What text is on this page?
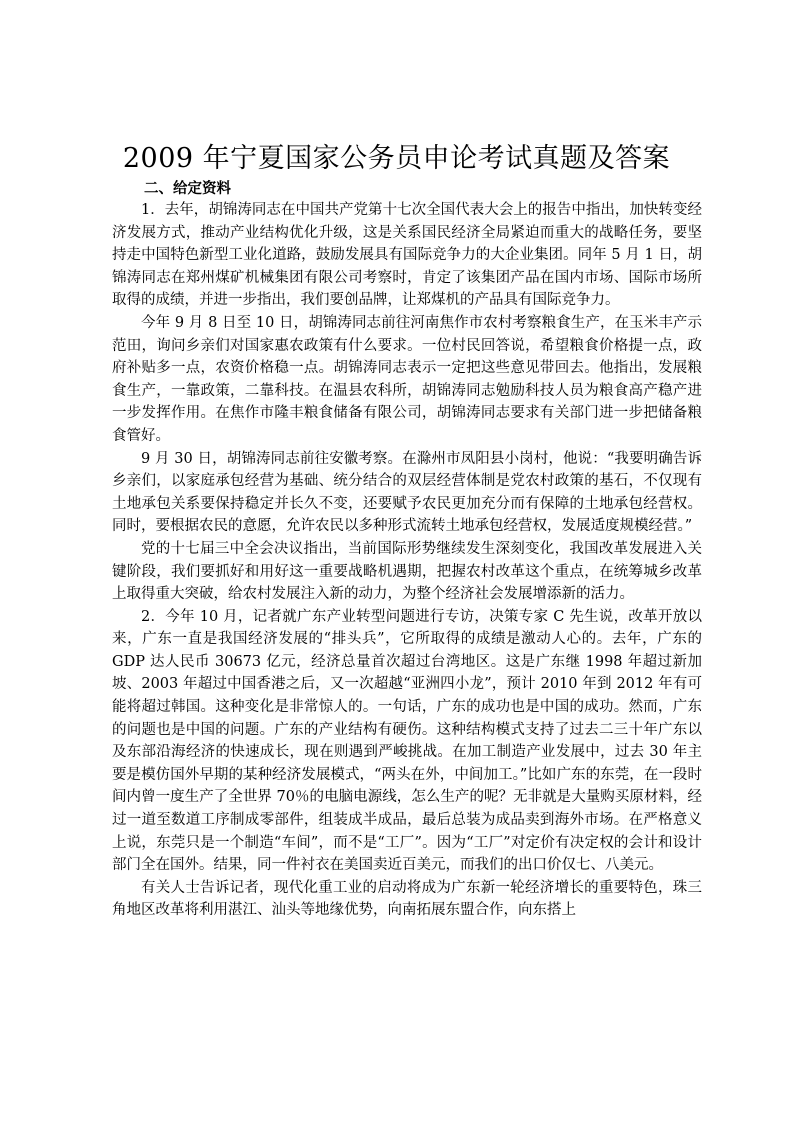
2009 年宁夏国家公务员申论考试真题及答案
二、给定资料

1．去年，胡锦涛同志在中国共产党第十七次全国代表大会上的报告中指出，加快转变经济发展方式，推动产业结构优化升级，这是关系国民经济全局紧迫而重大的战略任务，要坚持走中国特色新型工业化道路，鼓励发展具有国际竞争力的大企业集团。同年 5 月 1 日，胡锦涛同志在郑州煤矿机械集团有限公司考察时，肯定了该集团产品在国内市场、国际市场所取得的成绩，并进一步指出，我们要创品牌，让郑煤机的产品具有国际竞争力。

今年 9 月 8 日至 10 日，胡锦涛同志前往河南焦作市农村考察粮食生产，在玉米丰产示范田，询问乡亲们对国家惠农政策有什么要求。一位村民回答说，希望粮食价格提一点，政府补贴多一点，农资价格稳一点。胡锦涛同志表示一定把这些意见带回去。他指出，发展粮食生产，一靠政策，二靠科技。在温县农科所，胡锦涛同志勉励科技人员为粮食高产稳产进一步发挥作用。在焦作市隆丰粮食储备有限公司，胡锦涛同志要求有关部门进一步把储备粮食管好。

9 月 30 日，胡锦涛同志前往安徽考察。在滁州市凤阳县小岗村，他说：“我要明确告诉乡亲们，以家庭承包经营为基础、统分结合的双层经营体制是党农村政策的基石，不仅现有土地承包关系要保持稳定并长久不变，还要赋予农民更加充分而有保障的土地承包经营权。同时，要根据农民的意愿，允许农民以多种形式流转土地承包经营权，发展适度规模经营。”

党的十七届三中全会决议指出，当前国际形势继续发生深刻变化，我国改革发展进入关键阶段，我们要抓好和用好这一重要战略机遇期，把握农村改革这个重点，在统筹城乡改革上取得重大突破，给农村发展注入新的动力，为整个经济社会发展增添新的活力。

2．今年 10 月，记者就广东产业转型问题进行专访，决策专家 C 先生说，改革开放以来，广东一直是我国经济发展的“排头兵”，它所取得的成绩是激动人心的。去年，广东的 GDP 达人民币 30673 亿元，经济总量首次超过台湾地区。这是广东继 1998 年超过新加坡、2003 年超过中国香港之后，又一次超越“亚洲四小龙”，预计 2010 年到 2012 年有可能将超过韩国。这种变化是非常惊人的。一句话，广东的成功也是中国的成功。然而，广东的问题也是中国的问题。广东的产业结构有硬伤。这种结构模式支持了过去二三十年广东以及东部沿海经济的快速成长，现在则遇到严峻挑战。在加工制造产业发展中，过去 30 年主要是模仿国外早期的某种经济发展模式，“两头在外，中间加工。”比如广东的东莞，在一段时间内曾一度生产了全世界 70％的电脑电源线，怎么生产的呢？无非就是大量购买原材料，经过一道至数道工序制成零部件，组装成半成品，最后总装为成品卖到海外市场。在严格意义上说，东莞只是一个制造“车间”，而不是“工厂”。因为“工厂”对定价有决定权的会计和设计部门全在国外。结果，同一件衬衣在美国卖近百美元，而我们的出口价仅七、八美元。

有关人士告诉记者，现代化重工业的启动将成为广东新一轮经济增长的重要特色，珠三角地区改革将利用湛江、汕头等地缘优势，向南拓展东盟合作，向东搭上
